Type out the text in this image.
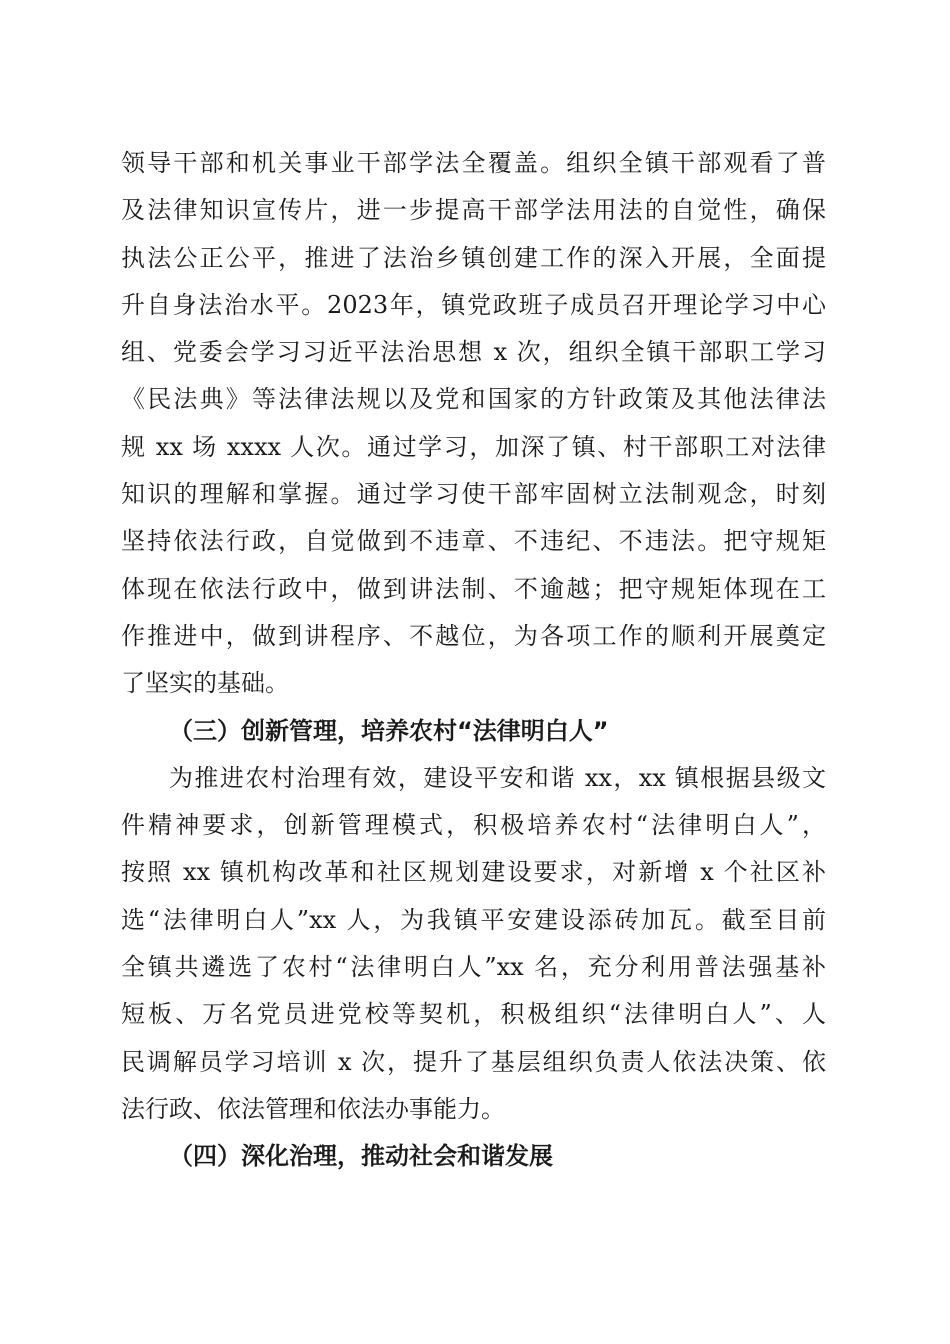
领导干部和机关事业干部学法全覆盖。组织全镇干部观看了普
及法律知识宣传片，进一步提高干部学法用法的自觉性，确保
执法公正公平，推进了法治乡镇创建工作的深入开展，全面提
升自身法治水平。2023年，镇党政班子成员召开理论学习中心
组、党委会学习习近平法治思想 x 次，组织全镇干部职工学习
《民法典》等法律法规以及党和国家的方针政策及其他法律法
规 xx 场 xxxx 人次。通过学习，加深了镇、村干部职工对法律
知识的理解和掌握。通过学习使干部牢固树立法制观念，时刻
坚持依法行政，自觉做到不违章、不违纪、不违法。把守规矩
体现在依法行政中，做到讲法制、不逾越；把守规矩体现在工
作推进中，做到讲程序、不越位，为各项工作的顺利开展奠定
了坚实的基础。
（三）创新管理，培养农村“法律明白人”
为推进农村治理有效，建设平安和谐 xx，xx 镇根据县级文
件精神要求，创新管理模式，积极培养农村“法律明白人”，
按照 xx 镇机构改革和社区规划建设要求，对新增 x 个社区补
选“法律明白人”xx 人，为我镇平安建设添砖加瓦。截至目前
全镇共遴选了农村“法律明白人”xx 名，充分利用普法强基补
短板、万名党员进党校等契机，积极组织“法律明白人”、人
民调解员学习培训 x 次，提升了基层组织负责人依法决策、依
法行政、依法管理和依法办事能力。
（四）深化治理，推动社会和谐发展
